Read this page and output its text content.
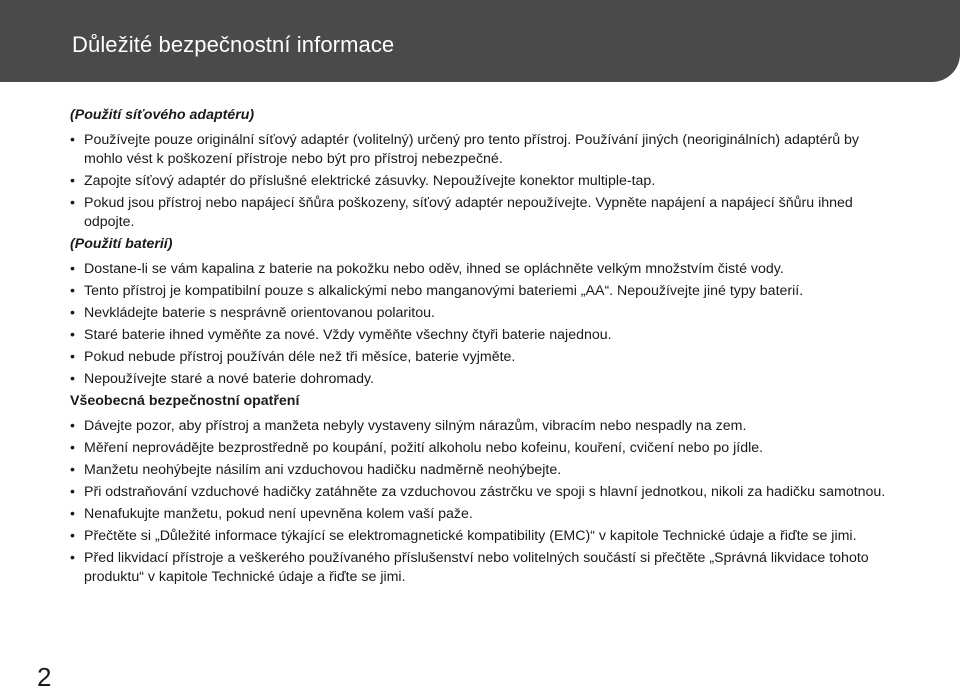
Důležité bezpečnostní informace

(Použití síťového adaptéru)

• Používejte pouze originální síťový adaptér (volitelný) určený pro tento přístroj. Používání jiných (neoriginálních) adaptérů by mohlo vést k poškození přístroje nebo být pro přístroj nebezpečné.
• Zapojte síťový adaptér do příslušné elektrické zásuvky. Nepoužívejte konektor multiple-tap.
• Pokud jsou přístroj nebo napájecí šňůra poškozeny, síťový adaptér nepoužívejte. Vypněte napájení a napájecí šňůru ihned odpojte.

(Použití baterií)

• Dostane-li se vám kapalina z baterie na pokožku nebo oděv, ihned se opláchněte velkým množstvím čisté vody.
• Tento přístroj je kompatibilní pouze s alkalickými nebo manganovými bateriemi „AA“. Nepoužívejte jiné typy baterií.
• Nevkládejte baterie s nesprávně orientovanou polaritou.
• Staré baterie ihned vyměňte za nové. Vždy vyměňte všechny čtyři baterie najednou.
• Pokud nebude přístroj používán déle než tři měsíce, baterie vyjměte.
• Nepoužívejte staré a nové baterie dohromady.

Všeobecná bezpečnostní opatření

• Dávejte pozor, aby přístroj a manžeta nebyly vystaveny silným nárazům, vibracím nebo nespadly na zem.
• Měření neprovádějte bezprostředně po koupání, požití alkoholu nebo kofeinu, kouření, cvičení nebo po jídle.
• Manžetu neohýbejte násilím ani vzduchovou hadičku nadměrně neohýbejte.
• Při odstraňování vzduchové hadičky zatáhněte za vzduchovou zástrčku ve spoji s hlavní jednotkou, nikoli za hadičku samotnou.
• Nenafukujte manžetu, pokud není upevněna kolem vaší paže.
• Přečtěte si „Důležité informace týkající se elektromagnetické kompatibility (EMC)“ v kapitole Technické údaje a řiďte se jimi.
• Před likvidací přístroje a veškerého používaného příslušenství nebo volitelných součástí si přečtěte „Správná likvidace tohoto produktu“ v kapitole Technické údaje a řiďte se jimi.
2
